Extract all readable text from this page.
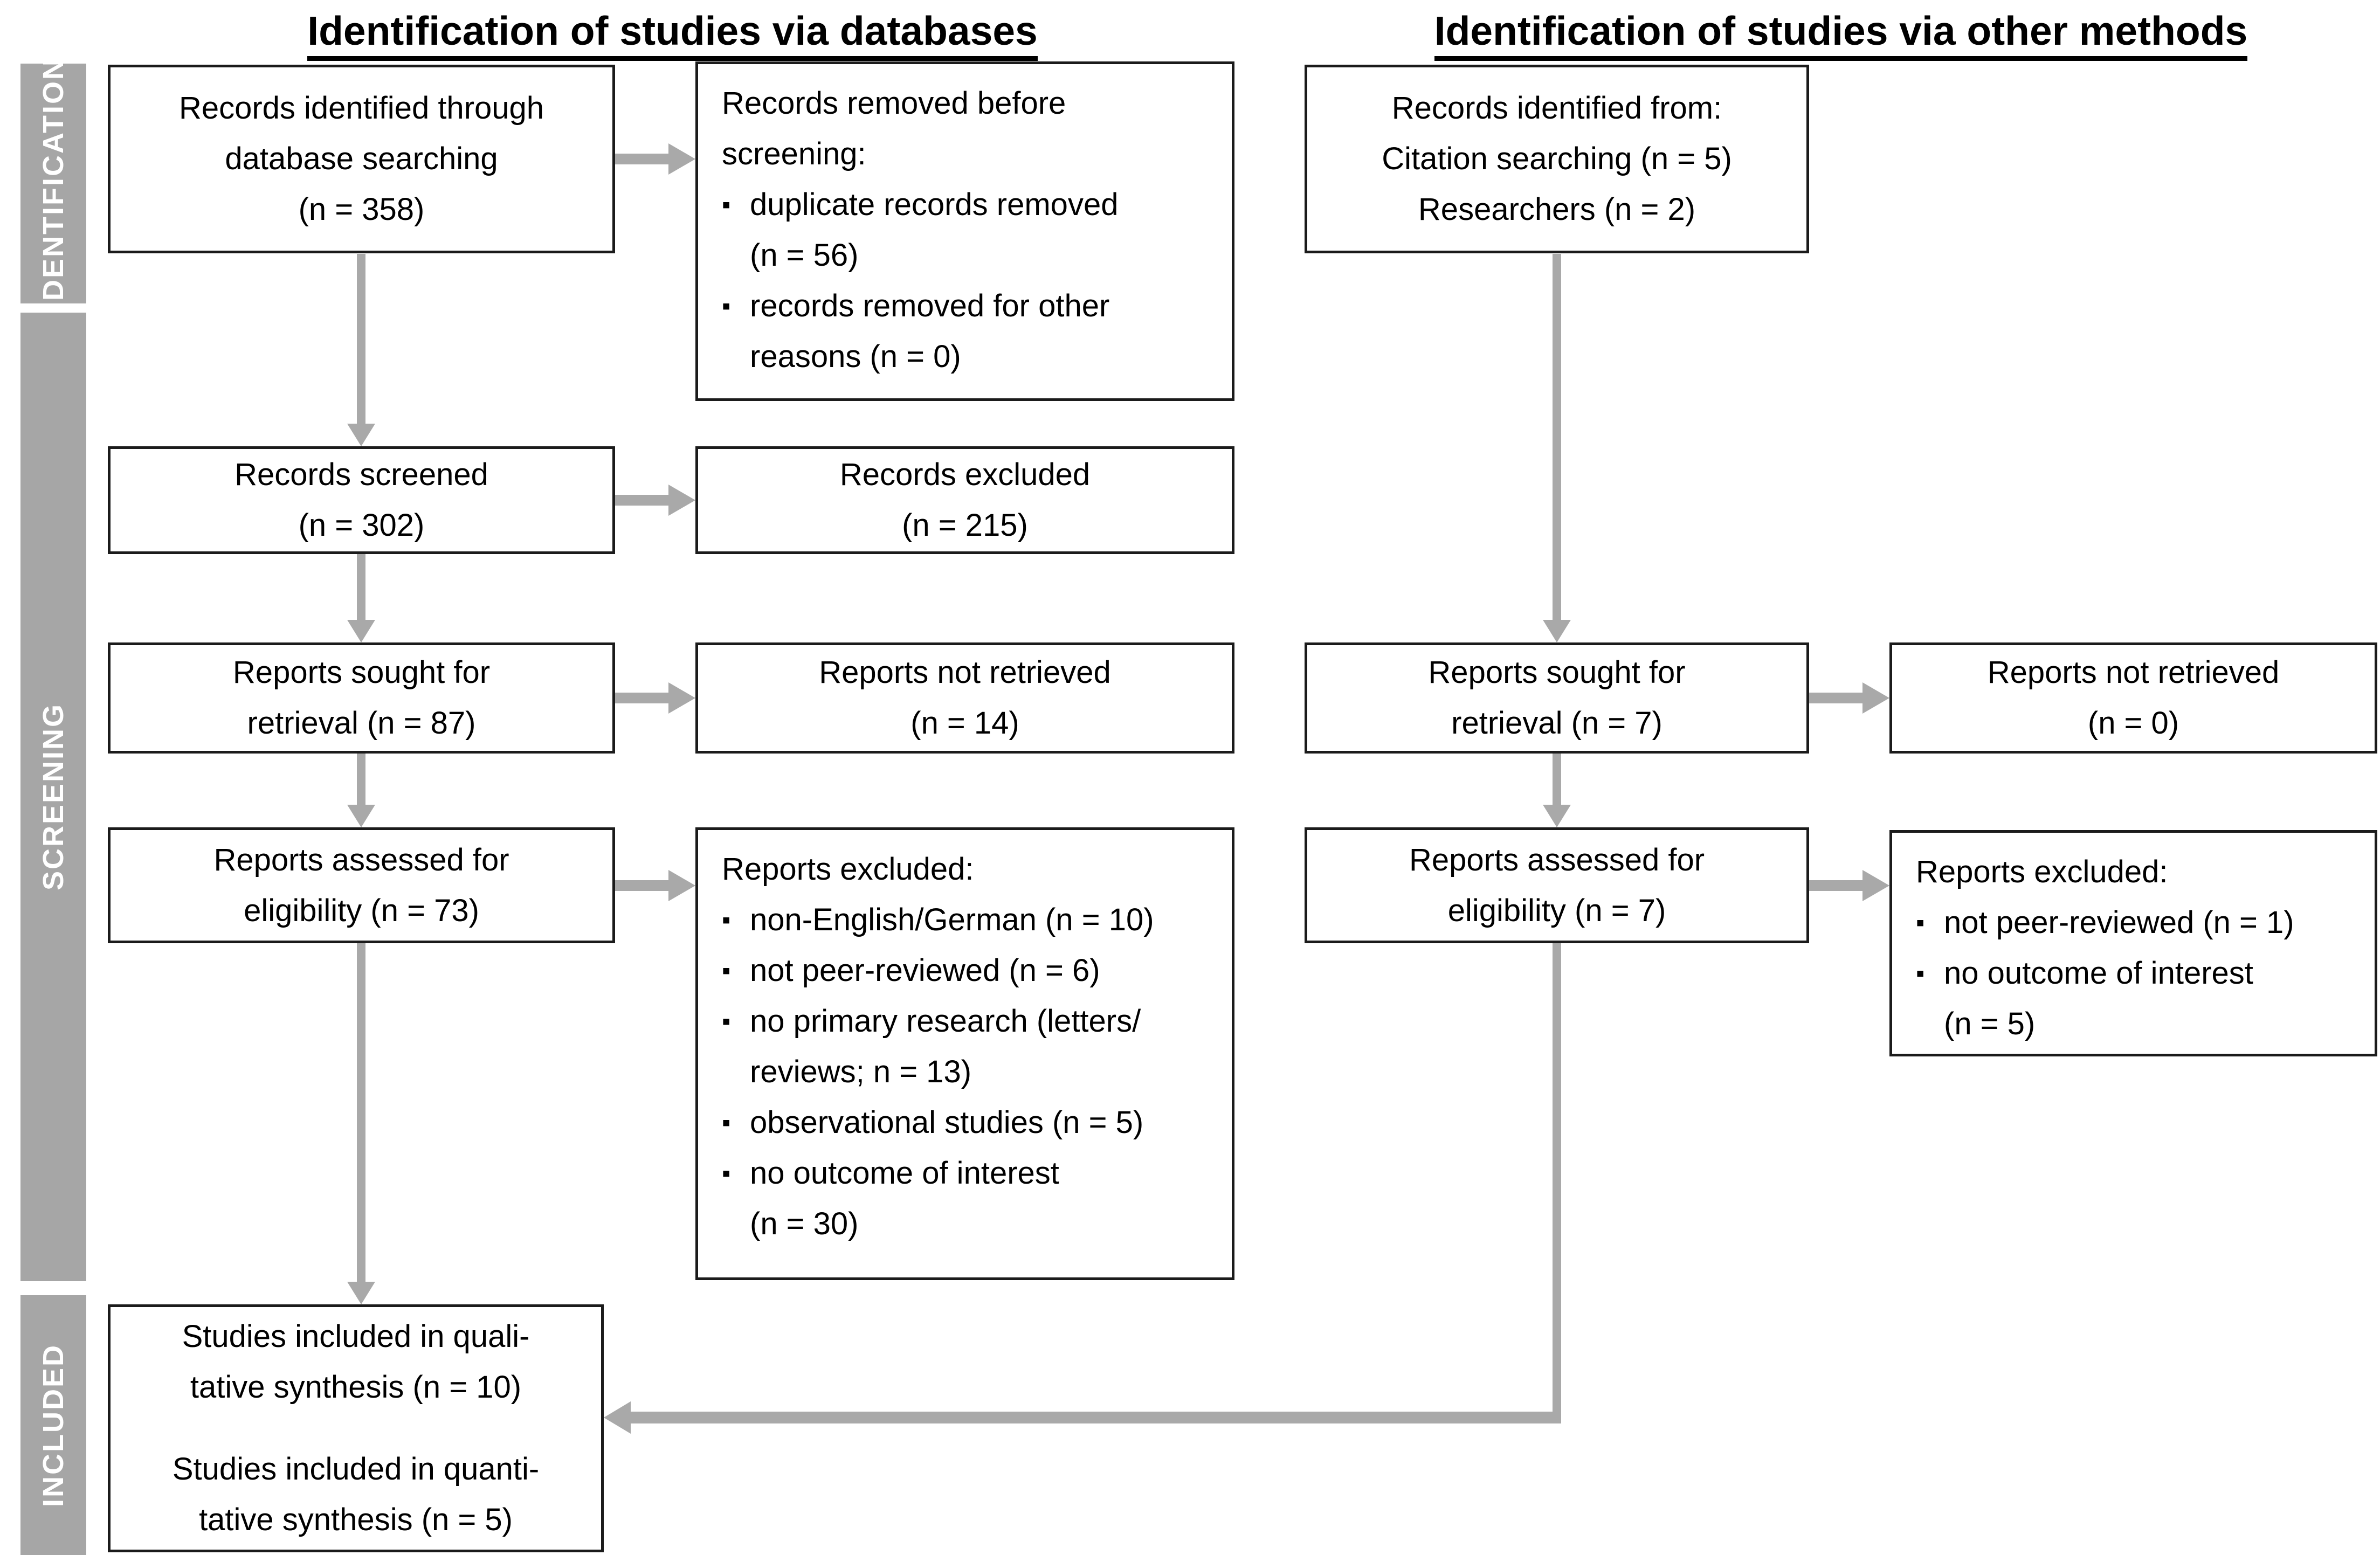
Identification of studies via databases	Identification of studies via other methods
IDENTIFICATION
SCREENING
INCLUDED
Records identified through
database searching
(n = 358)
Records removed before
screening:
▪ duplicate records removed
(n = 56)
▪ records removed for other
reasons (n = 0)
Records screened
(n = 302)
Records excluded
(n = 215)
Reports sought for
retrieval (n = 87)
Reports not retrieved
(n = 14)
Reports assessed for
eligibility (n = 73)
Reports excluded:
▪ non-English/German (n = 10)
▪ not peer-reviewed (n = 6)
▪ no primary research (letters/
reviews; n = 13)
▪ observational studies (n = 5)
▪ no outcome of interest
(n = 30)
Records identified from:
Citation searching (n = 5)
Researchers (n = 2)
Reports sought for
retrieval (n = 7)
Reports not retrieved
(n = 0)
Reports assessed for
eligibility (n = 7)
Reports excluded:
▪ not peer-reviewed (n = 1)
▪ no outcome of interest
(n = 5)
Studies included in quali-
tative synthesis (n = 10)
Studies included in quanti-
tative synthesis (n = 5)
